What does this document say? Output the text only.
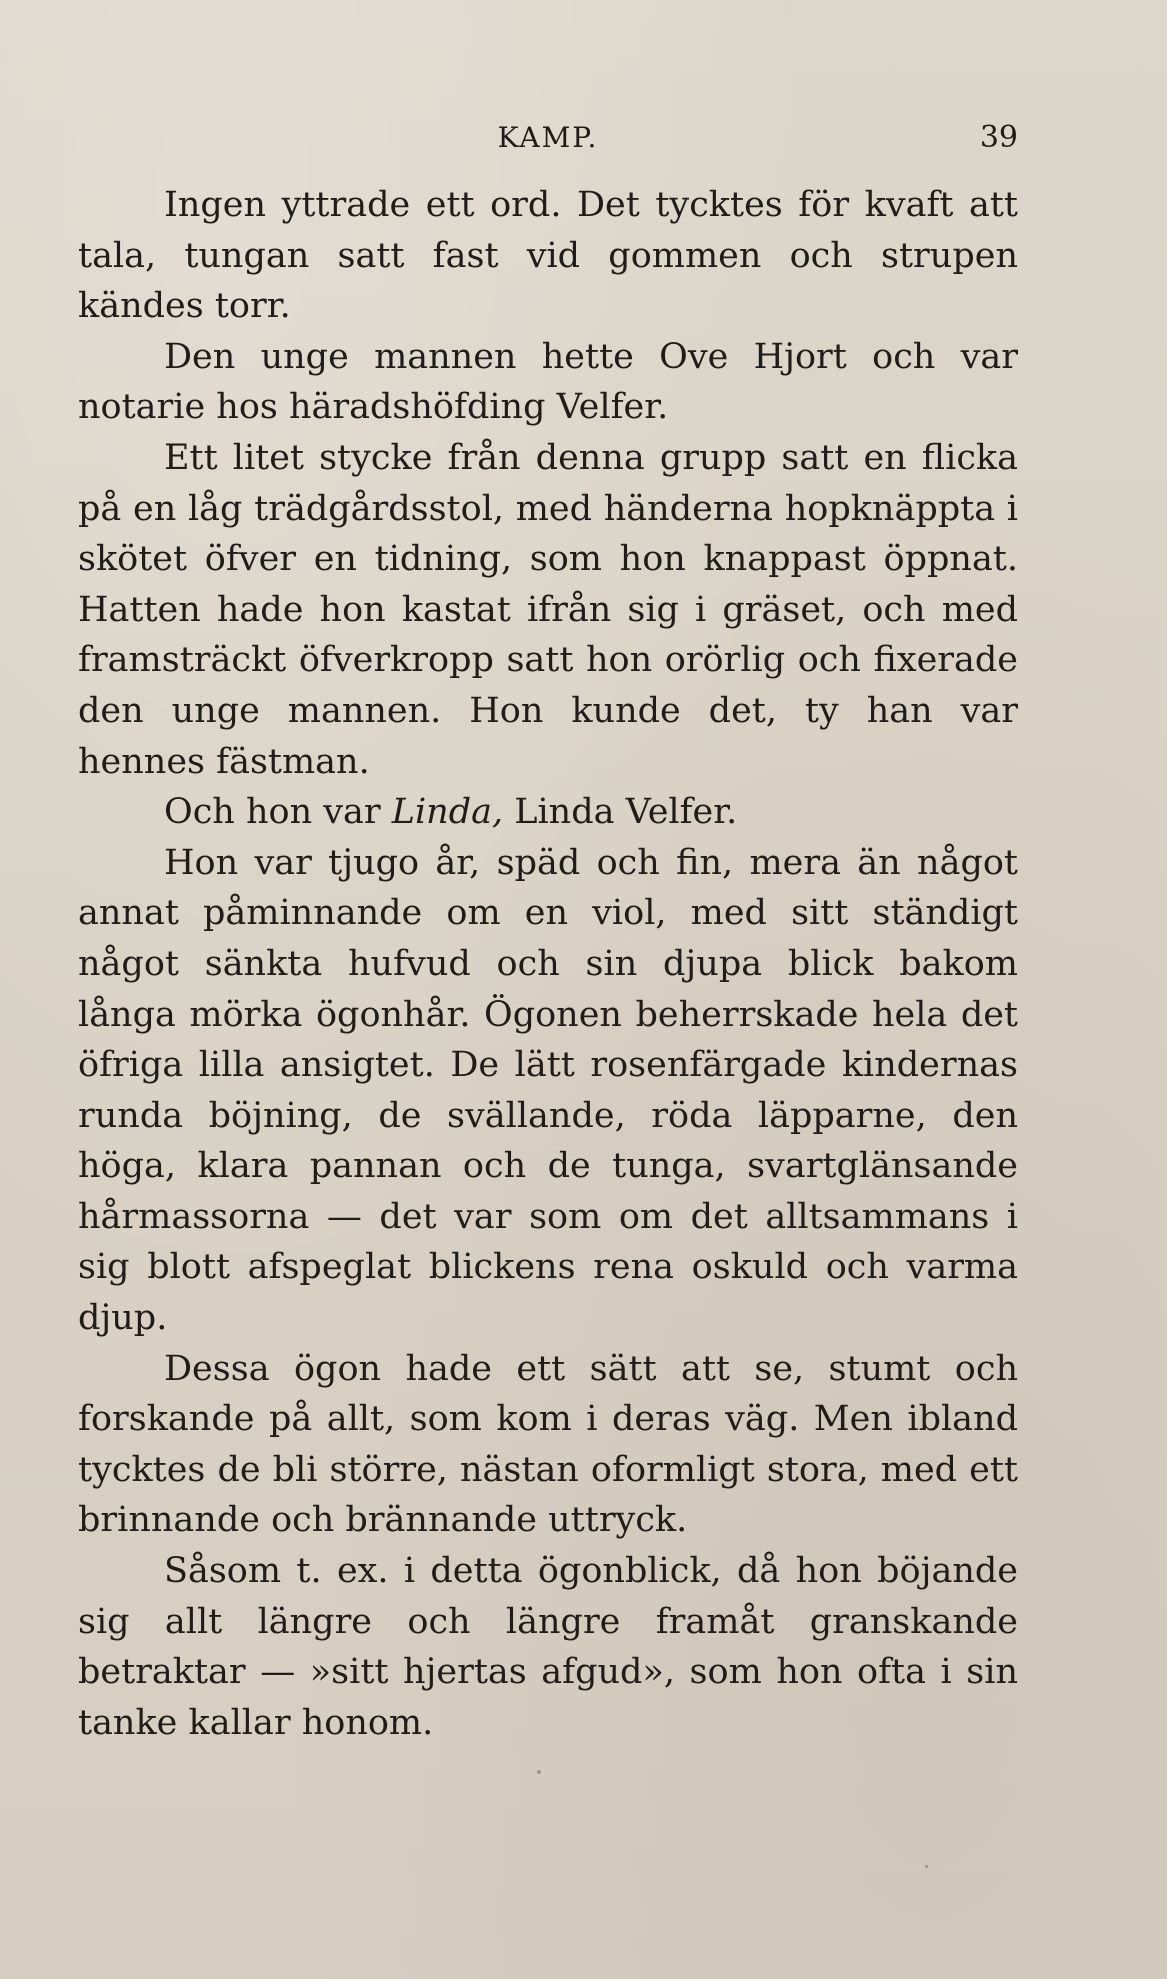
KAMP.	39

Ingen yttrade ett ord. Det tycktes för kvaft att tala, tungan satt fast vid gommen och strupen kändes torr.

Den unge mannen hette Ove Hjort och var notarie hos häradshöfding Velfer.

Ett litet stycke från denna grupp satt en flicka på en låg trädgårdsstol, med händerna hopknäppta i skötet öfver en tidning, som hon knappast öppnat. Hatten hade hon kastat ifrån sig i gräset, och med framsträckt öfverkropp satt hon orörlig och fixerade den unge mannen. Hon kunde det, ty han var hennes fästman.

Och hon var Linda, Linda Velfer.

Hon var tjugo år, späd och fin, mera än något annat påminnande om en viol, med sitt ständigt något sänkta hufvud och sin djupa blick bakom långa mörka ögonhår. Ögonen beherrskade hela det öfriga lilla ansigtet. De lätt rosenfärgade kindernas runda böjning, de svällande, röda läpparne, den höga, klara pannan och de tunga, svartglänsande hårmassorna — det var som om det alltsammans i sig blott afspeglat blickens rena oskuld och varma djup.

Dessa ögon hade ett sätt att se, stumt och forskande på allt, som kom i deras väg. Men ibland tycktes de bli större, nästan oformligt stora, med ett brinnande och brännande uttryck.

Såsom t. ex. i detta ögonblick, då hon böjande sig allt längre och längre framåt granskande betraktar — »sitt hjertas afgud», som hon ofta i sin tanke kallar honom.
